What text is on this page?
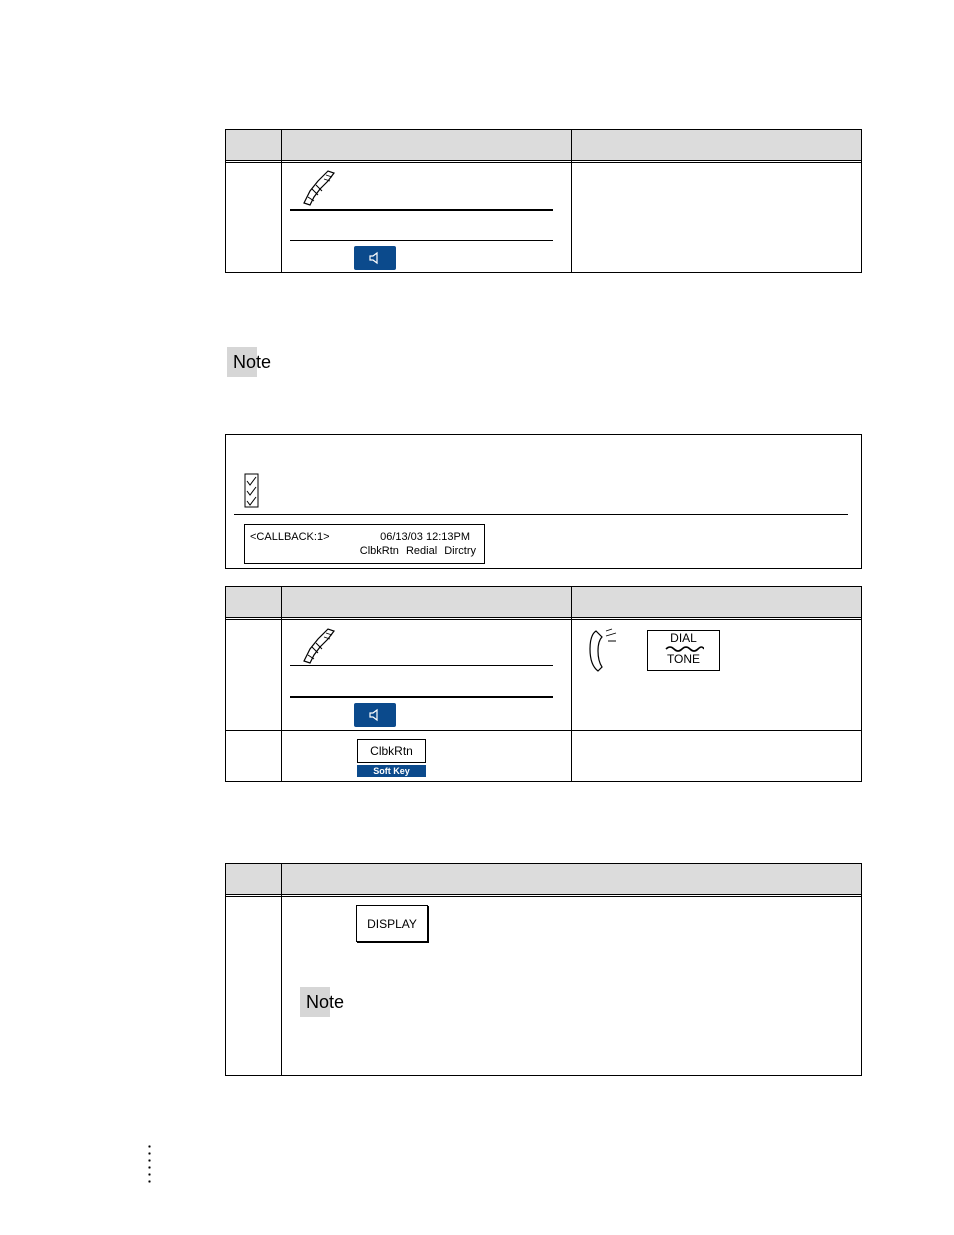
Note
<CALLBACK:1>	06/13/03 12:13PM
ClbkRtn Redial Dirctry
DIAL
TONE
ClbkRtn
Soft Key
DISPLAY
Note
